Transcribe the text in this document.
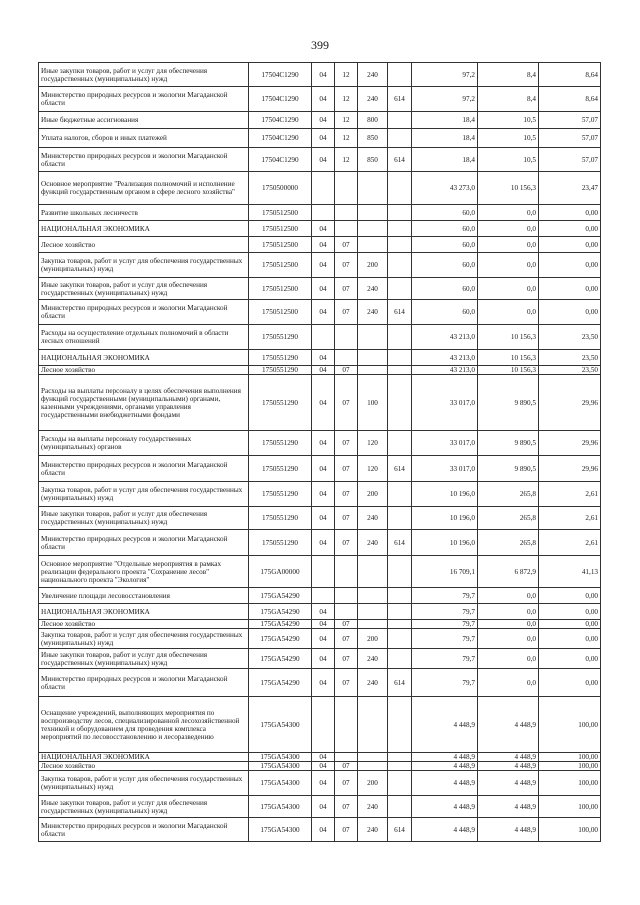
399
Иные закупки товаров, работ и услуг для обеспечения государственных (муниципальных) нужд	17504С1290	04	12	240		97,2	8,4	8,64
Министерство природных ресурсов и экологии Магаданской области	17504С1290	04	12	240	614	97,2	8,4	8,64
Иные бюджетные ассигнования	17504С1290	04	12	800		18,4	10,5	57,07
Уплата налогов, сборов и иных платежей	17504С1290	04	12	850		18,4	10,5	57,07
Министерство природных ресурсов и экологии Магаданской области	17504С1290	04	12	850	614	18,4	10,5	57,07
Основное мероприятие "Реализация полномочий и исполнение функций государственным органом в сфере лесного хозяйства"	1750500000					43 273,0	10 156,3	23,47
Развитие школьных лесничеств	1750512500					60,0	0,0	0,00
НАЦИОНАЛЬНАЯ ЭКОНОМИКА	1750512500	04				60,0	0,0	0,00
Лесное хозяйство	1750512500	04	07			60,0	0,0	0,00
Закупка товаров, работ и услуг для обеспечения государственных (муниципальных) нужд	1750512500	04	07	200		60,0	0,0	0,00
Иные закупки товаров, работ и услуг для обеспечения государственных (муниципальных) нужд	1750512500	04	07	240		60,0	0,0	0,00
Министерство природных ресурсов и экологии Магаданской области	1750512500	04	07	240	614	60,0	0,0	0,00
Расходы на осуществление отдельных полномочий в области лесных отношений	1750551290					43 213,0	10 156,3	23,50
НАЦИОНАЛЬНАЯ ЭКОНОМИКА	1750551290	04				43 213,0	10 156,3	23,50
Лесное хозяйство	1750551290	04	07			43 213,0	10 156,3	23,50
Расходы на выплаты персоналу в целях обеспечения выполнения функций государственными (муниципальными) органами, казенными учреждениями, органами управления государственными внебюджетными фондами	1750551290	04	07	100		33 017,0	9 890,5	29,96
Расходы на выплаты персоналу государственных (муниципальных) органов	1750551290	04	07	120		33 017,0	9 890,5	29,96
Министерство природных ресурсов и экологии Магаданской области	1750551290	04	07	120	614	33 017,0	9 890,5	29,96
Закупка товаров, работ и услуг для обеспечения государственных (муниципальных) нужд	1750551290	04	07	200		10 196,0	265,8	2,61
Иные закупки товаров, работ и услуг для обеспечения государственных (муниципальных) нужд	1750551290	04	07	240		10 196,0	265,8	2,61
Министерство природных ресурсов и экологии Магаданской области	1750551290	04	07	240	614	10 196,0	265,8	2,61
Основное мероприятие "Отдельные мероприятия в рамках реализации федерального проекта "Сохранение лесов" национального проекта "Экология"	175GA00000					16 709,1	6 872,9	41,13
Увеличение площади лесовосстановления	175GA54290					79,7	0,0	0,00
НАЦИОНАЛЬНАЯ ЭКОНОМИКА	175GA54290	04				79,7	0,0	0,00
Лесное хозяйство	175GA54290	04	07			79,7	0,0	0,00
Закупка товаров, работ и услуг для обеспечения государственных (муниципальных) нужд	175GA54290	04	07	200		79,7	0,0	0,00
Иные закупки товаров, работ и услуг для обеспечения государственных (муниципальных) нужд	175GA54290	04	07	240		79,7	0,0	0,00
Министерство природных ресурсов и экологии Магаданской области	175GA54290	04	07	240	614	79,7	0,0	0,00
Оснащение учреждений, выполняющих мероприятия по воспроизводству лесов, специализированной лесохозяйственной техникой и оборудованием для проведения комплекса мероприятий по лесовосстановлению и лесоразведению	175GA54300					4 448,9	4 448,9	100,00
НАЦИОНАЛЬНАЯ ЭКОНОМИКА	175GA54300	04				4 448,9	4 448,9	100,00
Лесное хозяйство	175GA54300	04	07			4 448,9	4 448,9	100,00
Закупка товаров, работ и услуг для обеспечения государственных (муниципальных) нужд	175GA54300	04	07	200		4 448,9	4 448,9	100,00
Иные закупки товаров, работ и услуг для обеспечения государственных (муниципальных) нужд	175GA54300	04	07	240		4 448,9	4 448,9	100,00
Министерство природных ресурсов и экологии Магаданской области	175GA54300	04	07	240	614	4 448,9	4 448,9	100,00
